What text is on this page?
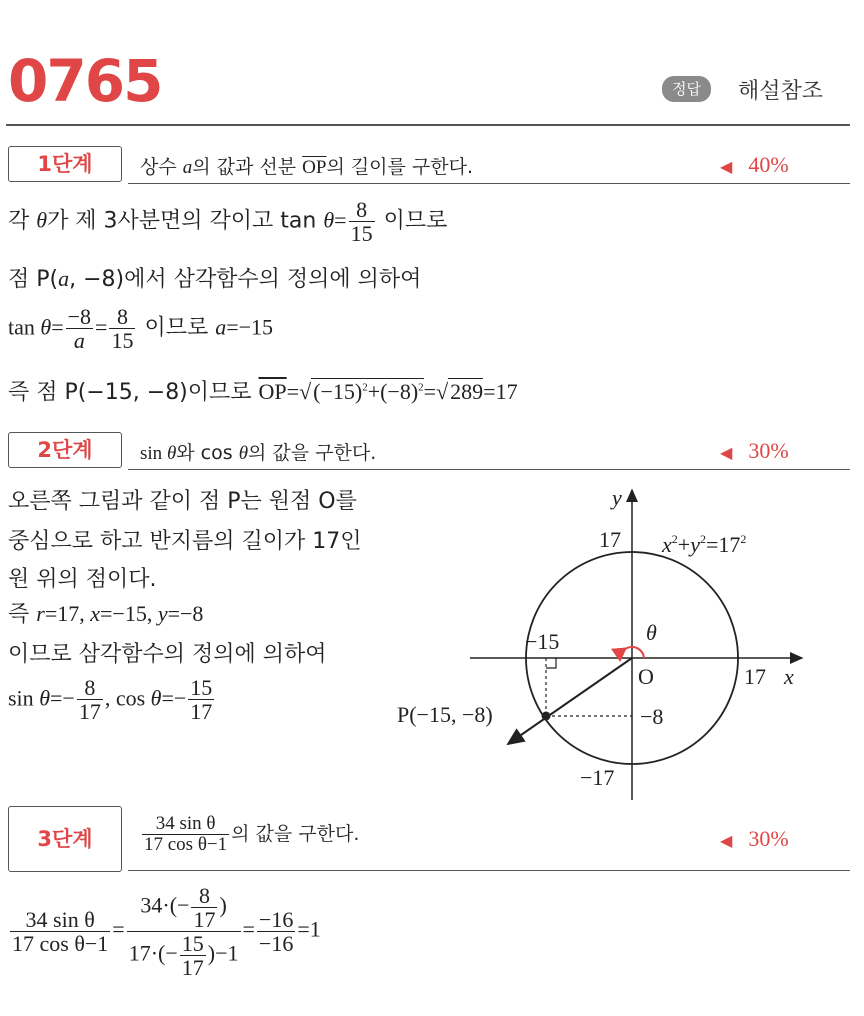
0765	정답	해설참조
1단계	상수 a의 값과 선분 $\overline{OP}$의 길이를 구한다.	◀ 40%
각 θ가 제 3사분면의 각이고 $\tan \theta= \frac{8}{15}$ 이므로
점 P(a, −8)에서 삼각함수의 정의에 의하여
$\tan \theta= \frac{-8}{a} = \frac{8}{15}$ 이므로 a=−15
즉 점 P(−15, −8)이므로 $\overline{OP}=√(-15)^2+(-8)^2=√289=17$
2단계	sin θ와 cos θ의 값을 구한다.	◀ 30%
오른쪽 그림과 같이 점 P는 원점 O를
중심으로 하고 반지름의 길이가 17인
원 위의 점이다.
즉 r=17, x=−15, y=−8
이므로 삼각함수의 정의에 의하여
$\sin \theta=- \frac{8}{17}$ , $\cos \theta=- \frac{15}{17}$
y
x
O
θ
17
−17
17
−15
−8
P(−15, −8)
$x^2+y^2=17^2$
3단계	$\frac{\text{34 sin θ}}{\text{17 cos θ−1}}$ 의 값을 구한다.	◀ 30%
$\frac{\text{34 sin θ}}{\text{17 cos θ−1}} = \frac{34\cdot(- \frac{8}{17} )}{17\cdot(- \frac{15}{17} )-1} = \frac{-16}{-16} =1$
